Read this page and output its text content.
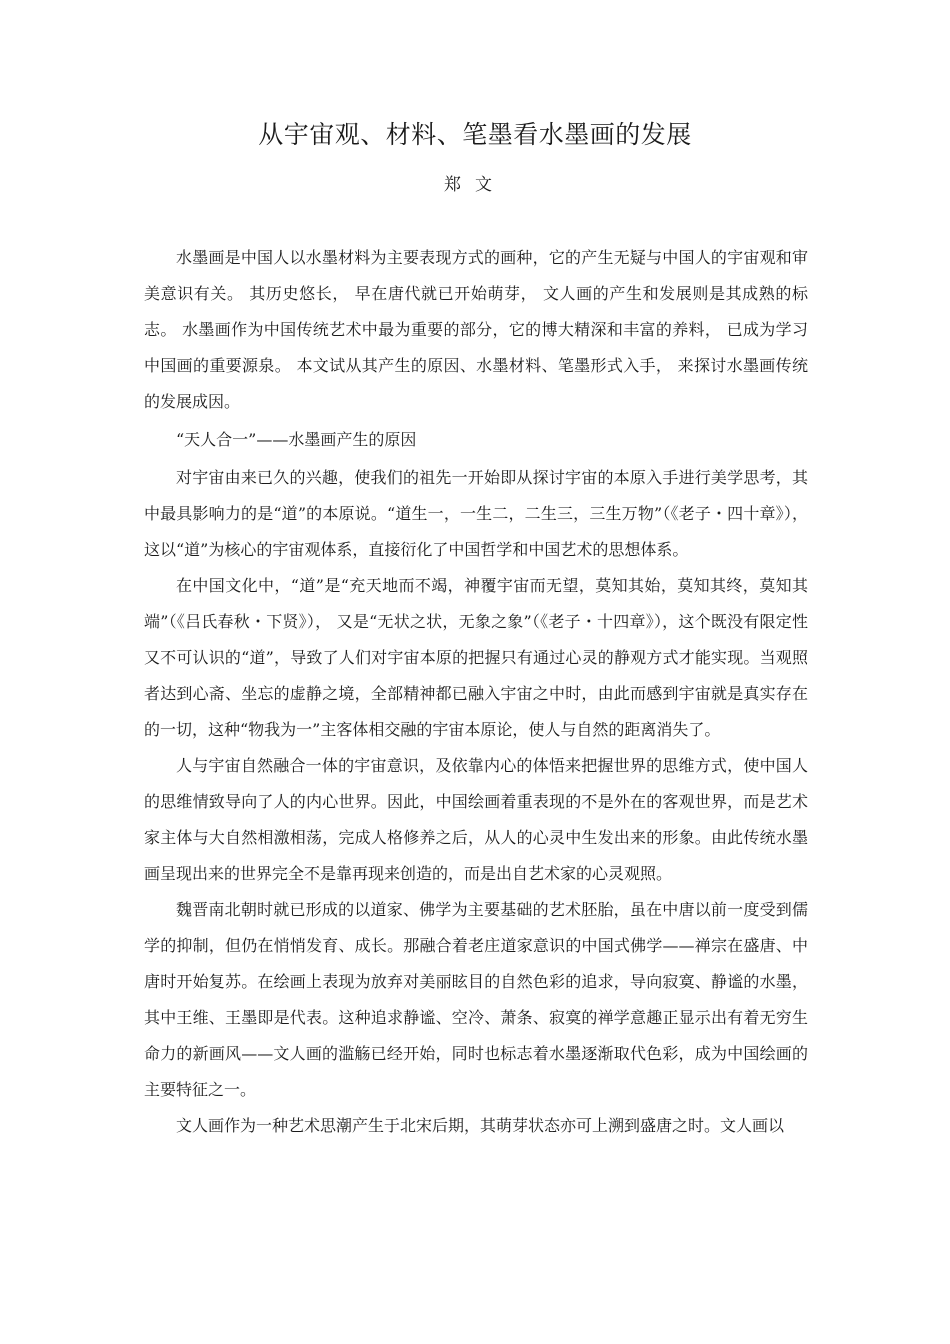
从宇宙观、材料、笔墨看水墨画的发展
郑文

水墨画是中国人以水墨材料为主要表现方式的画种，它的产生无疑与中国人的宇宙观和审美意识有关。 其历史悠长， 早在唐代就已开始萌芽， 文人画的产生和发展则是其成熟的标志。 水墨画作为中国传统艺术中最为重要的部分，它的博大精深和丰富的养料， 已成为学习中国画的重要源泉。 本文试从其产生的原因、水墨材料、笔墨形式入手， 来探讨水墨画传统的发展成因。

“天人合一”——水墨画产生的原因

对宇宙由来已久的兴趣，使我们的祖先一开始即从探讨宇宙的本原入手进行美学思考，其中最具影响力的是“道”的本原说。“道生一，一生二，二生三，三生万物”（《老子・四十章》），这以“道”为核心的宇宙观体系，直接衍化了中国哲学和中国艺术的思想体系。

在中国文化中，“道”是“充天地而不竭，神覆宇宙而无望，莫知其始，莫知其终，莫知其端”（《吕氏春秋・下贤》）， 又是“无状之状，无象之象”（《老子・十四章》），这个既没有限定性又不可认识的“道”，导致了人们对宇宙本原的把握只有通过心灵的静观方式才能实现。当观照者达到心斋、坐忘的虚静之境，全部精神都已融入宇宙之中时，由此而感到宇宙就是真实存在的一切，这种“物我为一”主客体相交融的宇宙本原论，使人与自然的距离消失了。

人与宇宙自然融合一体的宇宙意识，及依靠内心的体悟来把握世界的思维方式，使中国人的思维情致导向了人的内心世界。因此，中国绘画着重表现的不是外在的客观世界，而是艺术家主体与大自然相激相荡，完成人格修养之后，从人的心灵中生发出来的形象。由此传统水墨画呈现出来的世界完全不是靠再现来创造的，而是出自艺术家的心灵观照。

魏晋南北朝时就已形成的以道家、佛学为主要基础的艺术胚胎，虽在中唐以前一度受到儒学的抑制，但仍在悄悄发育、成长。那融合着老庄道家意识的中国式佛学——禅宗在盛唐、中唐时开始复苏。在绘画上表现为放弃对美丽眩目的自然色彩的追求，导向寂寞、静谧的水墨，其中王维、王墨即是代表。这种追求静谧、空冷、萧条、寂寞的禅学意趣正显示出有着无穷生命力的新画风——文人画的滥觞已经开始，同时也标志着水墨逐渐取代色彩，成为中国绘画的主要特征之一。

文人画作为一种艺术思潮产生于北宋后期，其萌芽状态亦可上溯到盛唐之时。文人画以
